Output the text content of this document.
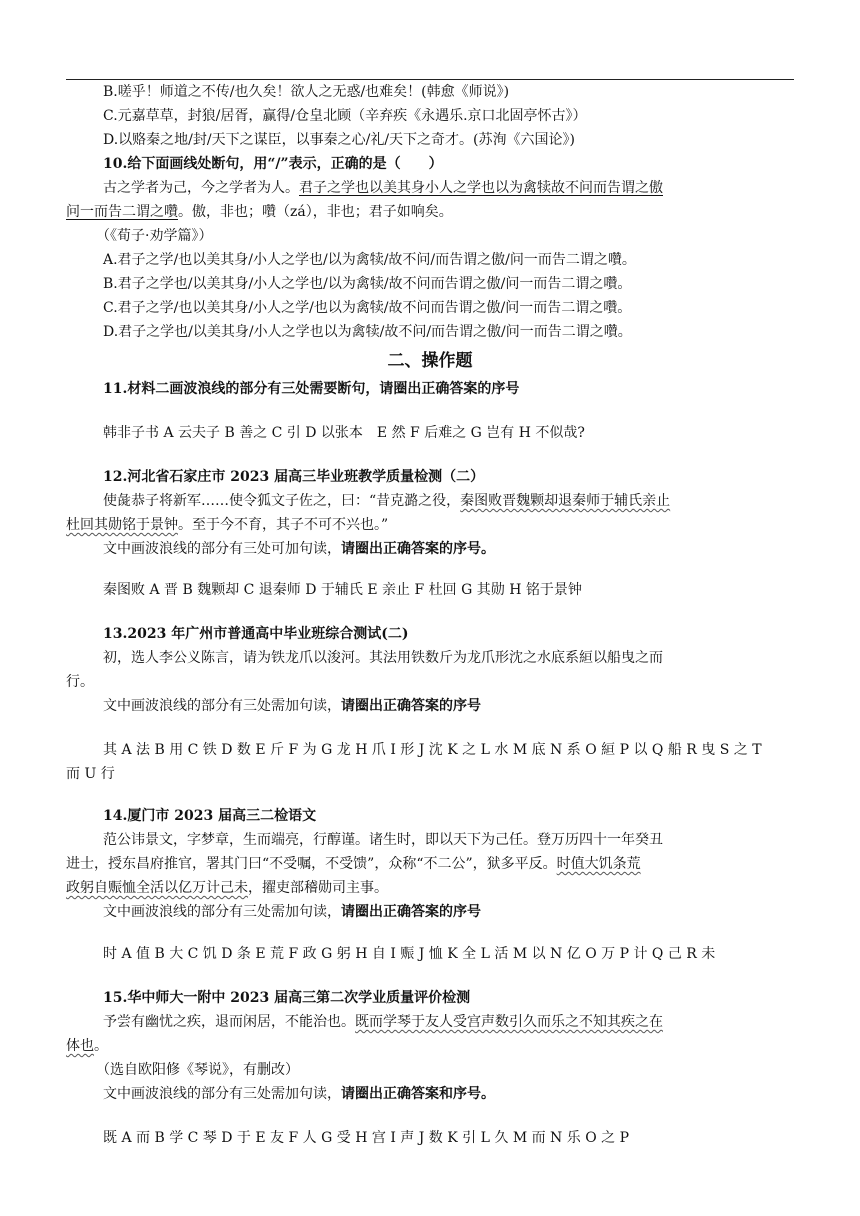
B.嗟乎！师道之不传/也久矣！欲人之无惑/也难矣！(韩愈《师说》)
C.元嘉草草，封狼/居胥，赢得/仓皇北顾（辛弃疾《永遇乐.京口北固亭怀古》）
D.以赂秦之地/封/天下之谋臣，以事秦之心/礼/天下之奇才。(苏洵《六国论》)
10.给下面画线处断句，用“/”表示，正确的是（　　）
古之学者为己，今之学者为人。君子之学也以美其身小人之学也以为禽犊故不问而告谓之傲
问一而告二谓之囋。傲，非也；囋（zá），非也；君子如响矣。
（《荀子·劝学篇》）
A.君子之学/也以美其身/小人之学也/以为禽犊/故不问/而告谓之傲/问一而告二谓之囋。
B.君子之学也/以美其身/小人之学也/以为禽犊/故不问而告谓之傲/问一而告二谓之囋。
C.君子之学/也以美其身/小人之学/也以为禽犊/故不问而告谓之傲/问一而告二谓之囋。
D.君子之学也/以美其身/小人之学也以为禽犊/故不问/而告谓之傲/问一而告二谓之囋。
二、操作题
11.材料二画波浪线的部分有三处需要断句，请圈出正确答案的序号
韩非子书 A 云夫子 B 善之 C 引 D 以张本　E 然 F 后难之 G 岂有 H 不似哉?
12.河北省石家庄市 2023 届高三毕业班教学质量检测（二）
使彘恭子将新军……使令狐文子佐之，曰：“昔克潞之役，秦图败晋魏颗却退秦师于辅氏亲止
杜回其勋铭于景钟。至于今不育，其子不可不兴也。”
文中画波浪线的部分有三处可加句读，请圈出正确答案的序号。
秦图败 A 晋 B 魏颗却 C 退秦师 D 于辅氏 E 亲止 F 杜回 G 其勋 H 铭于景钟
13.2023 年广州市普通高中毕业班综合测试(二)
初，选人李公义陈言，请为铁龙爪以浚河。其法用铁数斤为龙爪形沈之水底系絙以船曳之而
行。
文中画波浪线的部分有三处需加句读，请圈出正确答案的序号
其 A 法 B 用 C 铁 D 数 E 斤 F 为 G 龙 H 爪 I 形 J 沈 K 之 L 水 M 底 N 系 O 絙 P 以 Q 船 R 曳 S 之 T
而 U 行
14.厦门市 2023 届高三二检语文
范公讳景文，字梦章，生而端亮，行醇谨。诸生时，即以天下为己任。登万历四十一年癸丑
进士，授东昌府推官，署其门曰“不受嘱，不受馈”，众称“不二公”，狱多平反。时值大饥条荒
政躬自赈恤全活以亿万计己未，擢吏部稽勋司主事。
文中画波浪线的部分有三处需加句读，请圈出正确答案的序号
时 A 值 B 大 C 饥 D 条 E 荒 F 政 G 躬 H 自 I 赈 J 恤 K 全 L 活 M 以 N 亿 O 万 P 计 Q 己 R 未
15.华中师大一附中 2023 届高三第二次学业质量评价检测
予尝有幽忧之疾，退而闲居，不能治也。既而学琴于友人受宫声数引久而乐之不知其疾之在
体也。
（选自欧阳修《琴说》，有删改）
文中画波浪线的部分有三处需加句读，请圈出正确答案和序号。
既 A 而 B 学 C 琴 D 于 E 友 F 人 G 受 H 宫 I 声 J 数 K 引 L 久 M 而 N 乐 O 之 P
